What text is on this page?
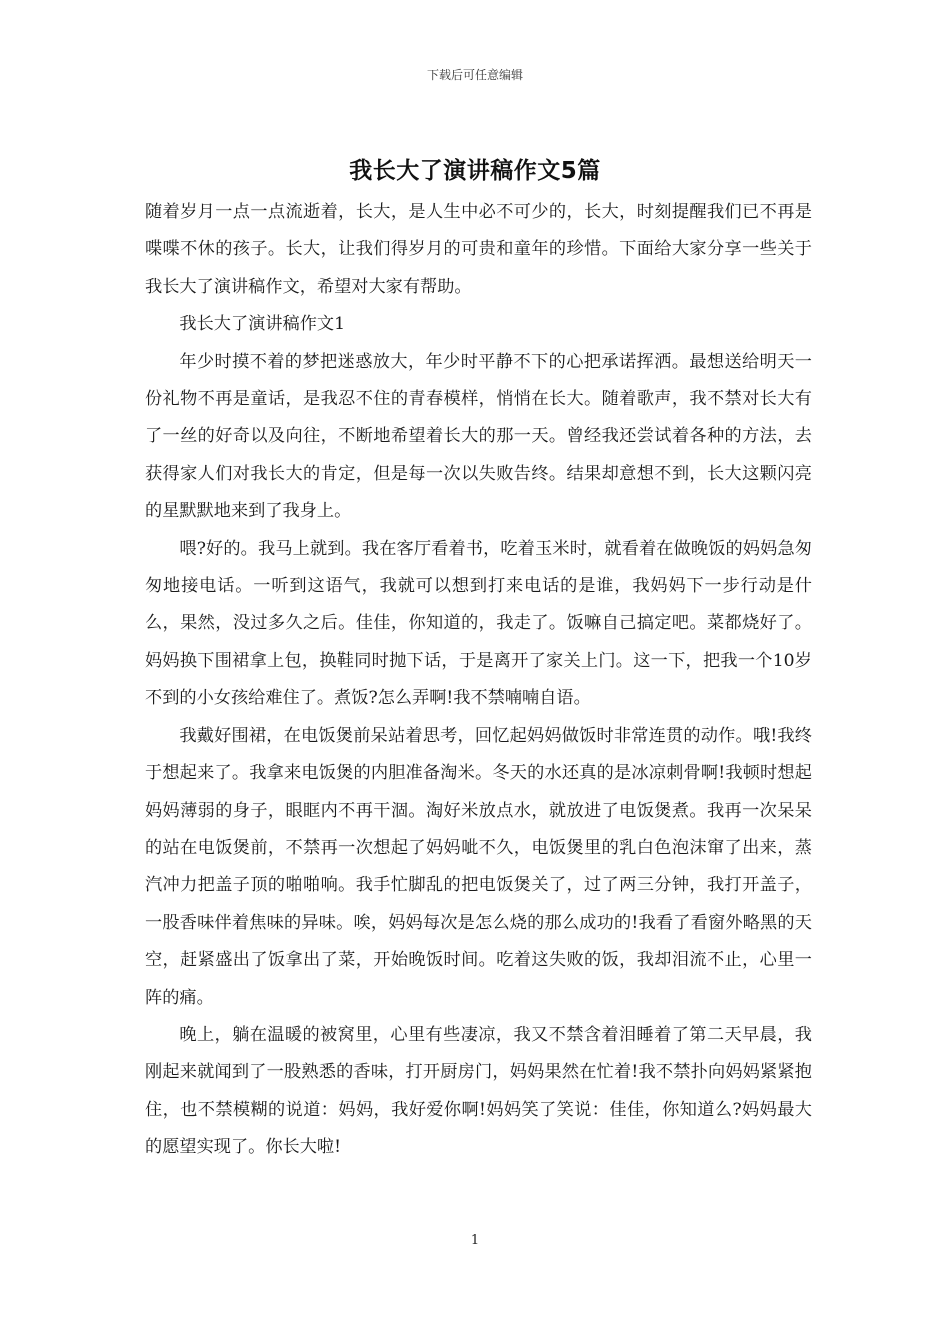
下载后可任意编辑
我长大了演讲稿作文5篇

随着岁月一点一点流逝着，长大，是人生中必不可少的，长大，时刻提醒我们已不再是喋喋不休的孩子。长大，让我们得岁月的可贵和童年的珍惜。下面给大家分享一些关于我长大了演讲稿作文，希望对大家有帮助。

我长大了演讲稿作文1

年少时摸不着的梦把迷惑放大，年少时平静不下的心把承诺挥洒。最想送给明天一份礼物不再是童话，是我忍不住的青春模样，悄悄在长大。随着歌声，我不禁对长大有了一丝的好奇以及向往，不断地希望着长大的那一天。曾经我还尝试着各种的方法，去获得家人们对我长大的肯定，但是每一次以失败告终。结果却意想不到，长大这颗闪亮的星默默地来到了我身上。

喂?好的。我马上就到。我在客厅看着书，吃着玉米时，就看着在做晚饭的妈妈急匆匆地接电话。一听到这语气，我就可以想到打来电话的是谁，我妈妈下一步行动是什么，果然，没过多久之后。佳佳，你知道的，我走了。饭嘛自己搞定吧。菜都烧好了。妈妈换下围裙拿上包，换鞋同时抛下话，于是离开了家关上门。这一下，把我一个10岁不到的小女孩给难住了。煮饭?怎么弄啊!我不禁喃喃自语。

我戴好围裙，在电饭煲前呆站着思考，回忆起妈妈做饭时非常连贯的动作。哦!我终于想起来了。我拿来电饭煲的内胆准备淘米。冬天的水还真的是冰凉刺骨啊!我顿时想起妈妈薄弱的身子，眼眶内不再干涸。淘好米放点水，就放进了电饭煲煮。我再一次呆呆的站在电饭煲前，不禁再一次想起了妈妈呲不久，电饭煲里的乳白色泡沫窜了出来，蒸汽冲力把盖子顶的啪啪响。我手忙脚乱的把电饭煲关了，过了两三分钟，我打开盖子，一股香味伴着焦味的异味。唉，妈妈每次是怎么烧的那么成功的!我看了看窗外略黑的天空，赶紧盛出了饭拿出了菜，开始晚饭时间。吃着这失败的饭，我却泪流不止，心里一阵的痛。

晚上，躺在温暖的被窝里，心里有些凄凉，我又不禁含着泪睡着了第二天早晨，我刚起来就闻到了一股熟悉的香味，打开厨房门，妈妈果然在忙着!我不禁扑向妈妈紧紧抱住，也不禁模糊的说道：妈妈，我好爱你啊!妈妈笑了笑说：佳佳，你知道么?妈妈最大的愿望实现了。你长大啦!

1
